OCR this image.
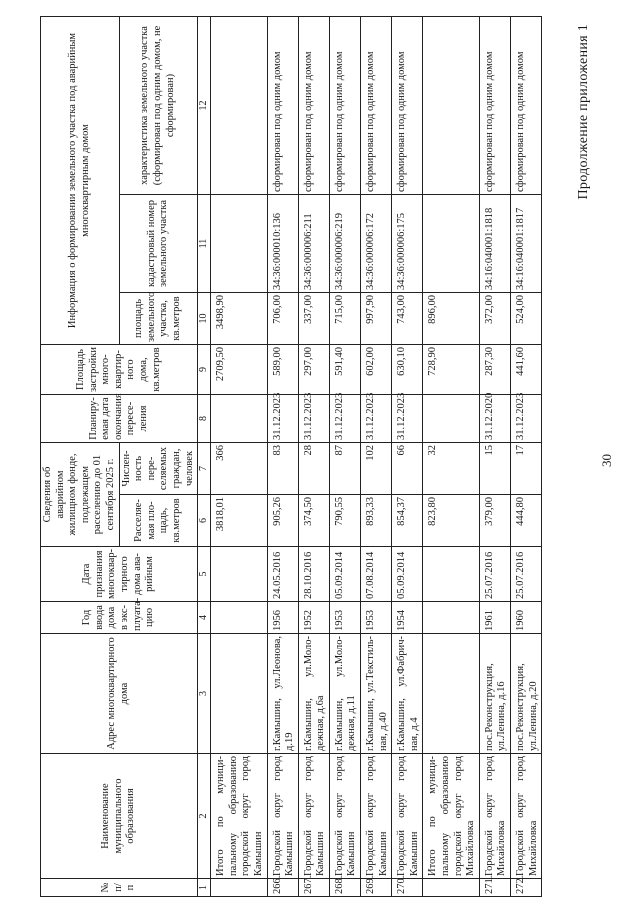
30
Продолжение приложения 1
№ п/п	Наименование муниципального образования	Адрес многоквартирного дома	Год ввода дома в экс-плуата-цию	Дата признания многоквар-тирного дома ава-рийным	Сведения об аварийном жилищном фонде, подлежащем расселению до 01 сентября 2025 г.		Планиру-емая дата окончания пересе-ления	Площадь застройки много-квартир-ного дома, кв.метров	Информация о формировании земельного участка под аварийным многоквартирным домом		
					Расселяе-мая пло-щадь, кв.метров	Числен-ность пере-селяемых граждан, человек			площадь земельного участка, кв.метров	кадастровый номер земельного участка	характеристика земельного участка (сформирован под одним домом, не сформирован)
1	2	3	4	5	6	7	8	9	10	11	12
	Итого по муници-пальному образованию городской округ город Камышин				3818,01	366		2709,50	3498,90		
266.	Городской округ город Камышин	г.Камышин, ул.Леонова, д.19	1956	24.05.2016	905,26	83	31.12.2023	589,00	706,00	34:36:000010:136	сформирован под одним домом
267.	Городской округ город Камышин	г.Камышин, ул.Моло-дежная, д.6а	1952	28.10.2016	374,50	28	31.12.2023	297,00	337,00	34:36:000006:211	сформирован под одним домом
268.	Городской округ город Камышин	г.Камышин, ул.Моло-дежная, д.11	1953	05.09.2014	790,55	87	31.12.2023	591,40	715,00	34:36:000006:219	сформирован под одним домом
269.	Городской округ город Камышин	г.Камышин, ул.Текстиль-ная, д.40	1953	07.08.2014	893,33	102	31.12.2023	602,00	997,90	34:36:000006:172	сформирован под одним домом
270.	Городской округ город Камышин	г.Камышин, ул.Фабрич-ная, д.4	1954	05.09.2014	854,37	66	31.12.2023	630,10	743,00	34:36:000006:175	сформирован под одним домом
	Итого по муници-пальному образованию городской округ город Михайловка				823,80	32		728,90	896,00		
271.	Городской округ город Михайловка	пос.Реконструкция, ул.Ленина, д.16	1961	25.07.2016	379,00	15	31.12.2020	287,30	372,00	34:16:040001:1818	сформирован под одним домом
272.	Городской округ город Михайловка	пос.Реконструкция, ул.Ленина, д.20	1960	25.07.2016	444,80	17	31.12.2023	441,60	524,00	34:16:040001:1817	сформирован под одним домом
